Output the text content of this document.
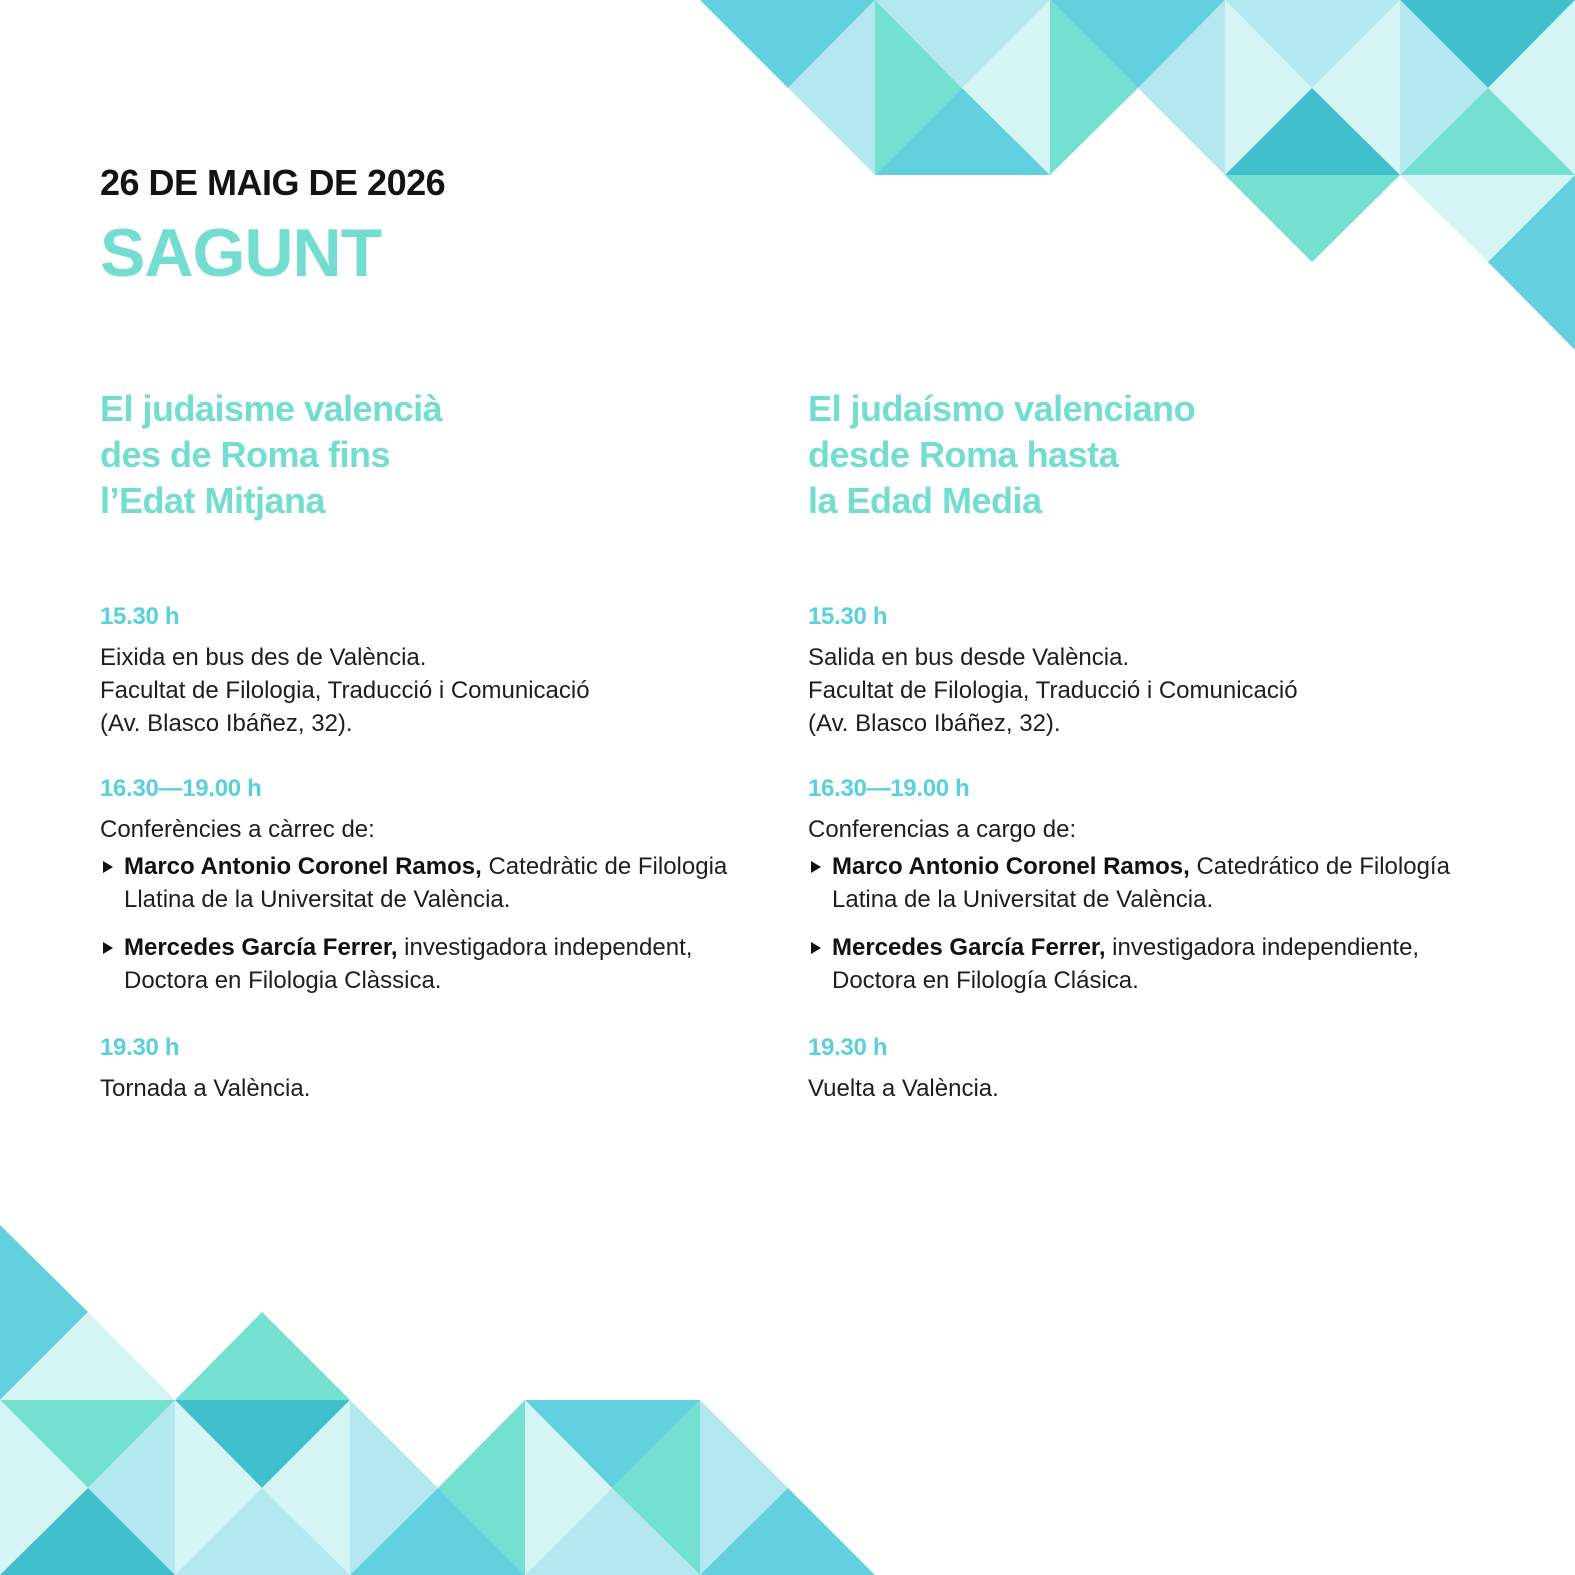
26 DE MAIG DE 2026
SAGUNT
El judaisme valencià
des de Roma fins
l’Edat Mitjana
15.30 h
Eixida en bus des de València.
Facultat de Filologia, Traducció i Comunicació
(Av. Blasco Ibáñez, 32).
16.30—19.00 h
Conferències a càrrec de:
Marco Antonio Coronel Ramos, Catedràtic de Filologia Llatina de la Universitat de València.
Mercedes García Ferrer, investigadora independent, Doctora en Filologia Clàssica.
19.30 h
Tornada a València.
El judaísmo valenciano
desde Roma hasta
la Edad Media
15.30 h
Salida en bus desde València.
Facultat de Filologia, Traducció i Comunicació
(Av. Blasco Ibáñez, 32).
16.30—19.00 h
Conferencias a cargo de:
Marco Antonio Coronel Ramos, Catedrático de Filología Latina de la Universitat de València.
Mercedes García Ferrer, investigadora independiente, Doctora en Filología Clásica.
19.30 h
Vuelta a València.
